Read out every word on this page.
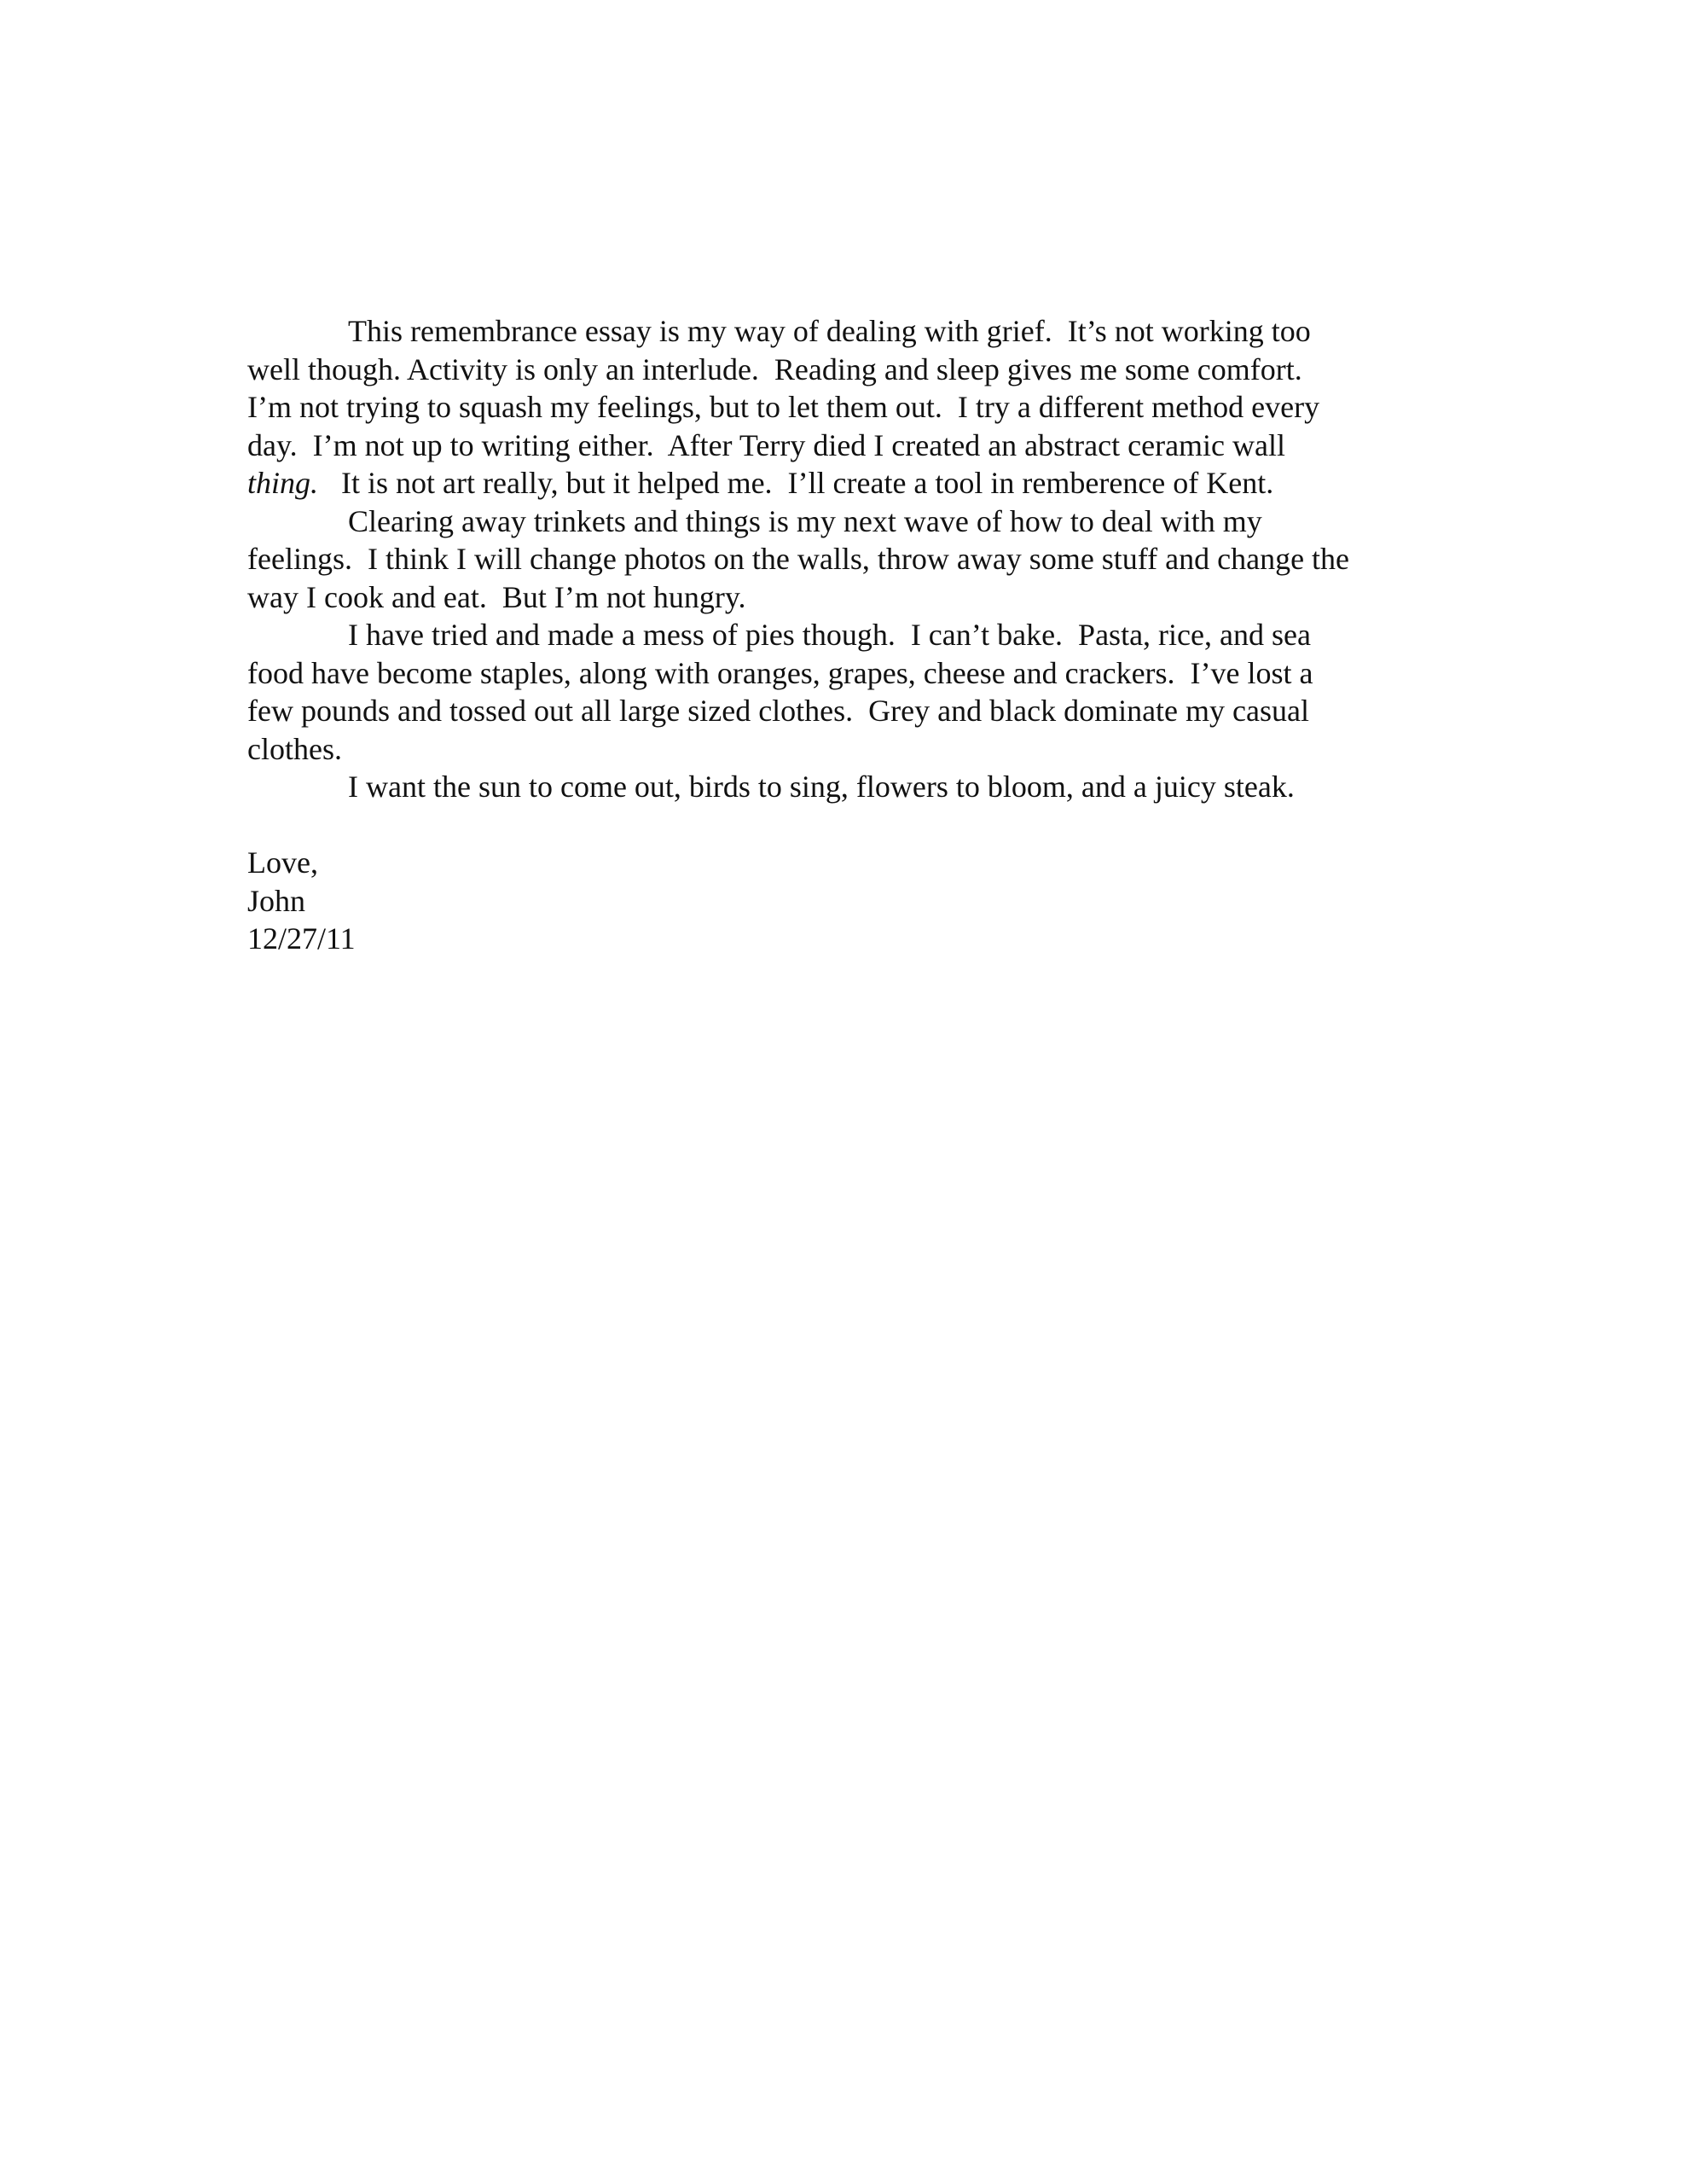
This remembrance essay is my way of dealing with grief.  It’s not working too
well though. Activity is only an interlude.  Reading and sleep gives me some comfort.
I’m not trying to squash my feelings, but to let them out.  I try a different method every
day.  I’m not up to writing either.  After Terry died I created an abstract ceramic wall
thing.   It is not art really, but it helped me.  I’ll create a tool in remberence of Kent.
Clearing away trinkets and things is my next wave of how to deal with my
feelings.  I think I will change photos on the walls, throw away some stuff and change the
way I cook and eat.  But I’m not hungry.
I have tried and made a mess of pies though.  I can’t bake.  Pasta, rice, and sea
food have become staples, along with oranges, grapes, cheese and crackers.  I’ve lost a
few pounds and tossed out all large sized clothes.  Grey and black dominate my casual
clothes.
I want the sun to come out, birds to sing, flowers to bloom, and a juicy steak.
Love,
John
12/27/11
